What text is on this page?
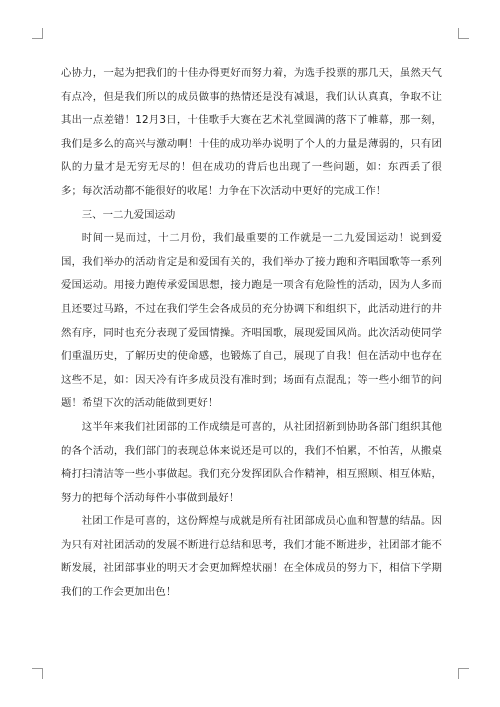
心协力，一起为把我们的十佳办得更好而努力着，为选手投票的那几天，虽然天气有点冷，但是我们所以的成员做事的热情还是没有减退，我们认认真真，争取不让其出一点差错！12月3日，十佳歌手大赛在艺术礼堂圆满的落下了帷幕，那一刻，我们是多么的高兴与激动啊！十佳的成功举办说明了个人的力量是薄弱的，只有团队的力量才是无穷无尽的！但在成功的背后也出现了一些问题，如：东西丢了很多；每次活动都不能很好的收尾！力争在下次活动中更好的完成工作！

三、一二九爱国运动

时间一晃而过，十二月份，我们最重要的工作就是一二九爱国运动！说到爱国，我们举办的活动肯定是和爱国有关的，我们举办了接力跑和齐唱国歌等一系列爱国运动。用接力跑传承爱国思想，接力跑是一项含有危险性的活动，因为人多而且还要过马路，不过在我们学生会各成员的充分协调下和组织下，此活动进行的井然有序，同时也充分表现了爱国情操。齐唱国歌，展现爱国风尚。此次活动使同学们重温历史，了解历史的使命感，也锻炼了自己，展现了自我！但在活动中也存在这些不足，如：因天冷有许多成员没有准时到；场面有点混乱；等一些小细节的问题！希望下次的活动能做到更好！

这半年来我们社团部的工作成绩是可喜的，从社团招新到协助各部门组织其他的各个活动，我们部门的表现总体来说还是可以的，我们不怕累，不怕苦，从搬桌椅打扫清洁等一些小事做起。我们充分发挥团队合作精神，相互照顾、相互体贴，努力的把每个活动每件小事做到最好！

社团工作是可喜的，这份辉煌与成就是所有社团部成员心血和智慧的结晶。因为只有对社团活动的发展不断进行总结和思考，我们才能不断进步，社团部才能不断发展，社团部事业的明天才会更加辉煌状丽！在全体成员的努力下，相信下学期我们的工作会更加出色！
